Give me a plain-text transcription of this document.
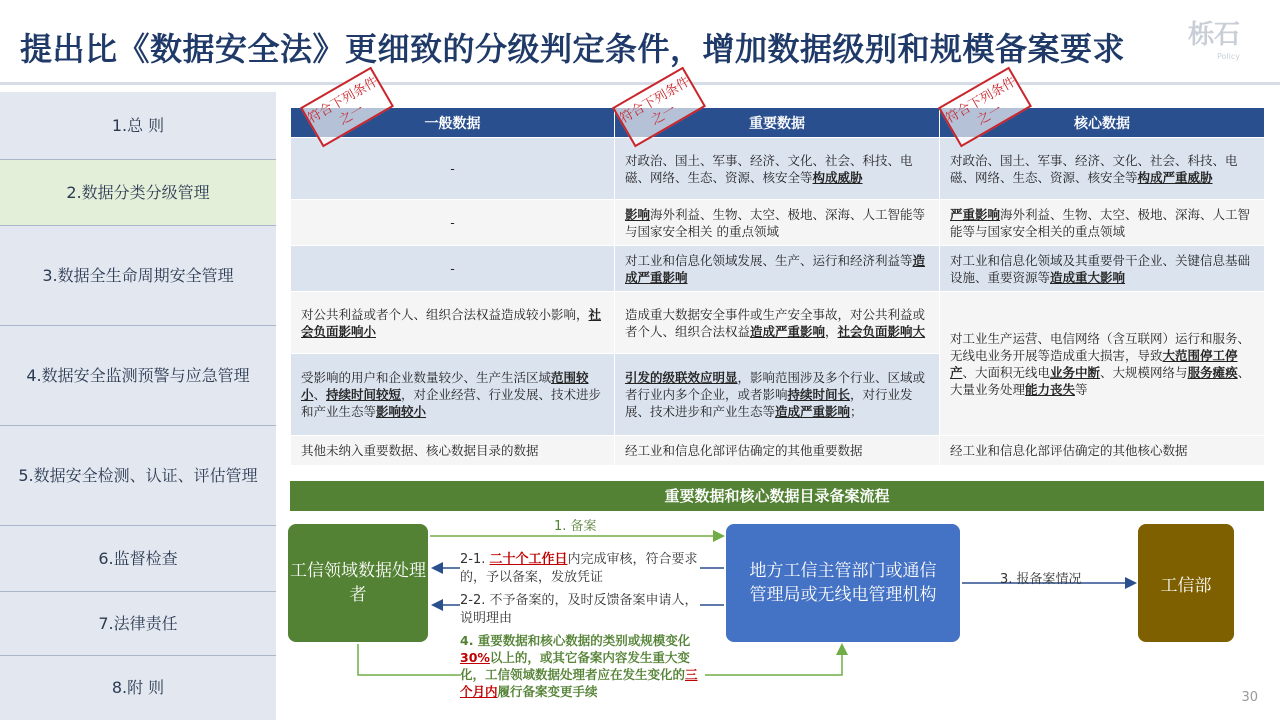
提出比《数据安全法》更细致的分级判定条件，增加数据级别和规模备案要求 栎石
Policy
1.总 则
2.数据分类分级管理
3.数据全生命周期安全管理
4.数据安全监测预警与应急管理
5.数据安全检测、认证、评估管理
6.监督检查
7.法律责任
8.附 则
符合下列条件之一	符合下列条件之一	符合下列条件之一
一般数据	重要数据	核心数据
-	对政治、国土、军事、经济、文化、社会、科技、电磁、网络、生态、资源、核安全等构成威胁	对政治、国土、军事、经济、文化、社会、科技、电磁、网络、生态、资源、核安全等构成严重威胁
-	影响海外利益、生物、太空、极地、深海、人工智能等与国家安全相关 的重点领域	严重影响海外利益、生物、太空、极地、深海、人工智能等与国家安全相关的重点领域
-	对工业和信息化领域发展、生产、运行和经济利益等造成严重影响	对工业和信息化领域及其重要骨干企业、关键信息基础设施、重要资源等造成重大影响
对公共利益或者个人、组织合法权益造成较小影响，社会负面影响小	造成重大数据安全事件或生产安全事故，对公共利益或者个人、组织合法权益造成严重影响，社会负面影响大	对工业生产运营、电信网络（含互联网）运行和服务、无线电业务开展等造成重大损害，导致大范围停工停产、大面积无线电业务中断、大规模网络与服务瘫痪、大量业务处理能力丧失等
受影响的用户和企业数量较少、生产生活区域范围较小、持续时间较短，对企业经营、行业发展、技术进步和产业生态等影响较小	引发的级联效应明显，影响范围涉及多个行业、区域或者行业内多个企业，或者影响持续时间长，对行业发展、技术进步和产业生态等造成严重影响；	
其他未纳入重要数据、核心数据目录的数据	经工业和信息化部评估确定的其他重要数据	经工业和信息化部评估确定的其他核心数据
重要数据和核心数据目录备案流程
工信领域数据处理者
地方工信主管部门或通信管理局或无线电管理机构	工信部
1. 备案
2-1. 二十个工作日内完成审核，符合要求的，予以备案，发放凭证
2-2. 不予备案的，及时反馈备案申请人，说明理由
3. 报备案情况
4. 重要数据和核心数据的类别或规模变化30%以上的，或其它备案内容发生重大变化，工信领域数据处理者应在发生变化的三个月内履行备案变更手续	30
